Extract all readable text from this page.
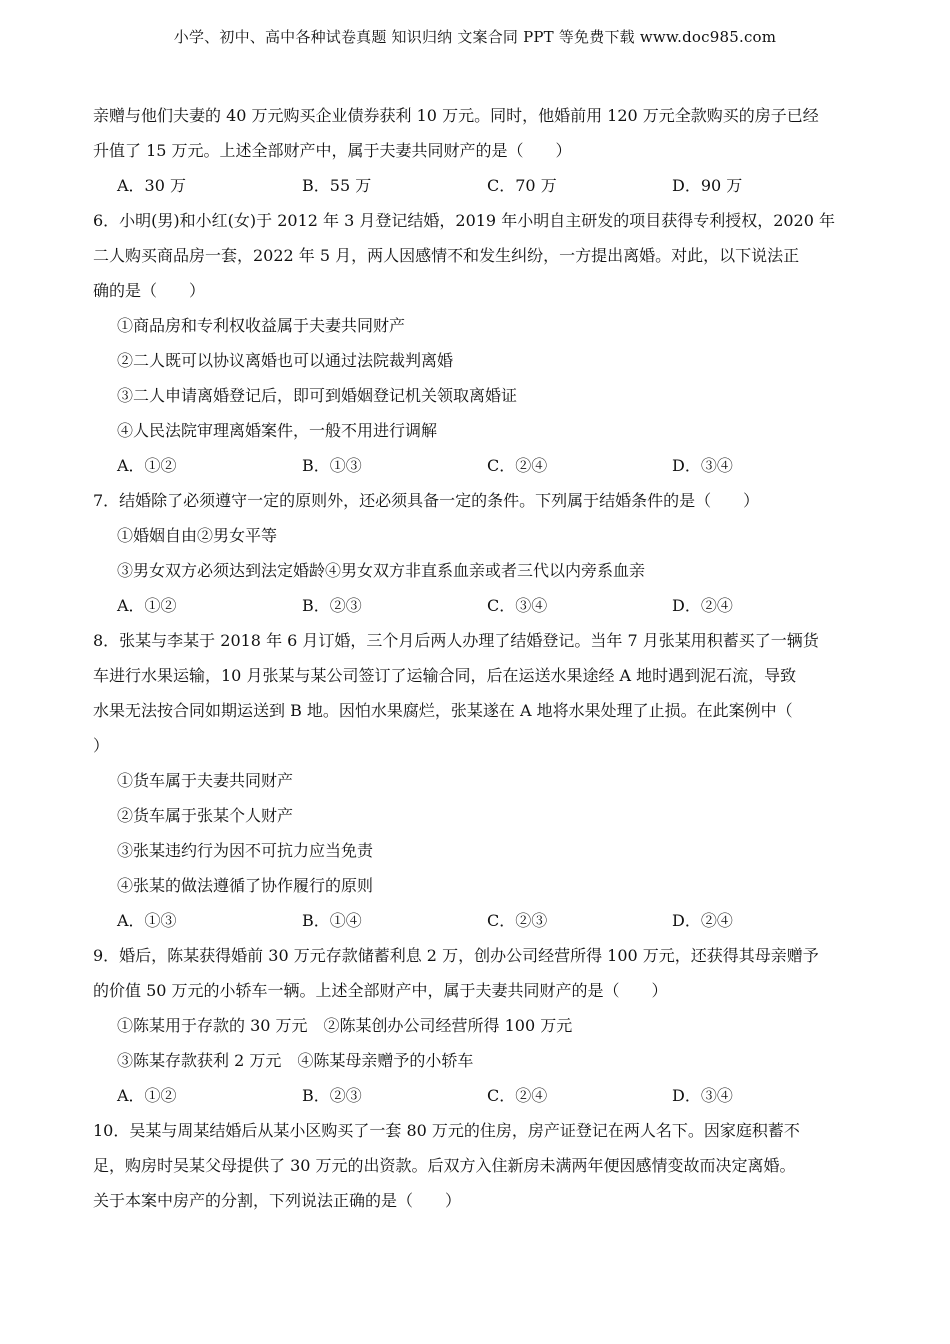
小学、初中、高中各种试卷真题 知识归纳 文案合同 PPT 等免费下载 www.doc985.com
亲赠与他们夫妻的 40 万元购买企业债券获利 10 万元。同时，他婚前用 120 万元全款购买的房子已经
升值了 15 万元。上述全部财产中，属于夫妻共同财产的是（　　）
A．30 万	B．55 万	C．70 万	D．90 万
6．小明(男)和小红(女)于 2012 年 3 月登记结婚，2019 年小明自主研发的项目获得专利授权，2020 年
二人购买商品房一套，2022 年 5 月，两人因感情不和发生纠纷，一方提出离婚。对此，以下说法正
确的是（　　）
①商品房和专利权收益属于夫妻共同财产
②二人既可以协议离婚也可以通过法院裁判离婚
③二人申请离婚登记后，即可到婚姻登记机关领取离婚证
④人民法院审理离婚案件，一般不用进行调解
A．①②	B．①③	C．②④	D．③④
7．结婚除了必须遵守一定的原则外，还必须具备一定的条件。下列属于结婚条件的是（　　）
①婚姻自由②男女平等
③男女双方必须达到法定婚龄④男女双方非直系血亲或者三代以内旁系血亲
A．①②	B．②③	C．③④	D．②④
8．张某与李某于 2018 年 6 月订婚，三个月后两人办理了结婚登记。当年 7 月张某用积蓄买了一辆货
车进行水果运输，10 月张某与某公司签订了运输合同，后在运送水果途经 A 地时遇到泥石流，导致
水果无法按合同如期运送到 B 地。因怕水果腐烂，张某遂在 A 地将水果处理了止损。在此案例中（
）
①货车属于夫妻共同财产
②货车属于张某个人财产
③张某违约行为因不可抗力应当免责
④张某的做法遵循了协作履行的原则
A．①③	B．①④	C．②③	D．②④
9．婚后，陈某获得婚前 30 万元存款储蓄利息 2 万，创办公司经营所得 100 万元，还获得其母亲赠予
的价值 50 万元的小轿车一辆。上述全部财产中，属于夫妻共同财产的是（　　）
①陈某用于存款的 30 万元　②陈某创办公司经营所得 100 万元
③陈某存款获利 2 万元　④陈某母亲赠予的小轿车
A．①②	B．②③	C．②④	D．③④
10．吴某与周某结婚后从某小区购买了一套 80 万元的住房，房产证登记在两人名下。因家庭积蓄不
足，购房时吴某父母提供了 30 万元的出资款。后双方入住新房未满两年便因感情变故而决定离婚。
关于本案中房产的分割，下列说法正确的是（　　）
